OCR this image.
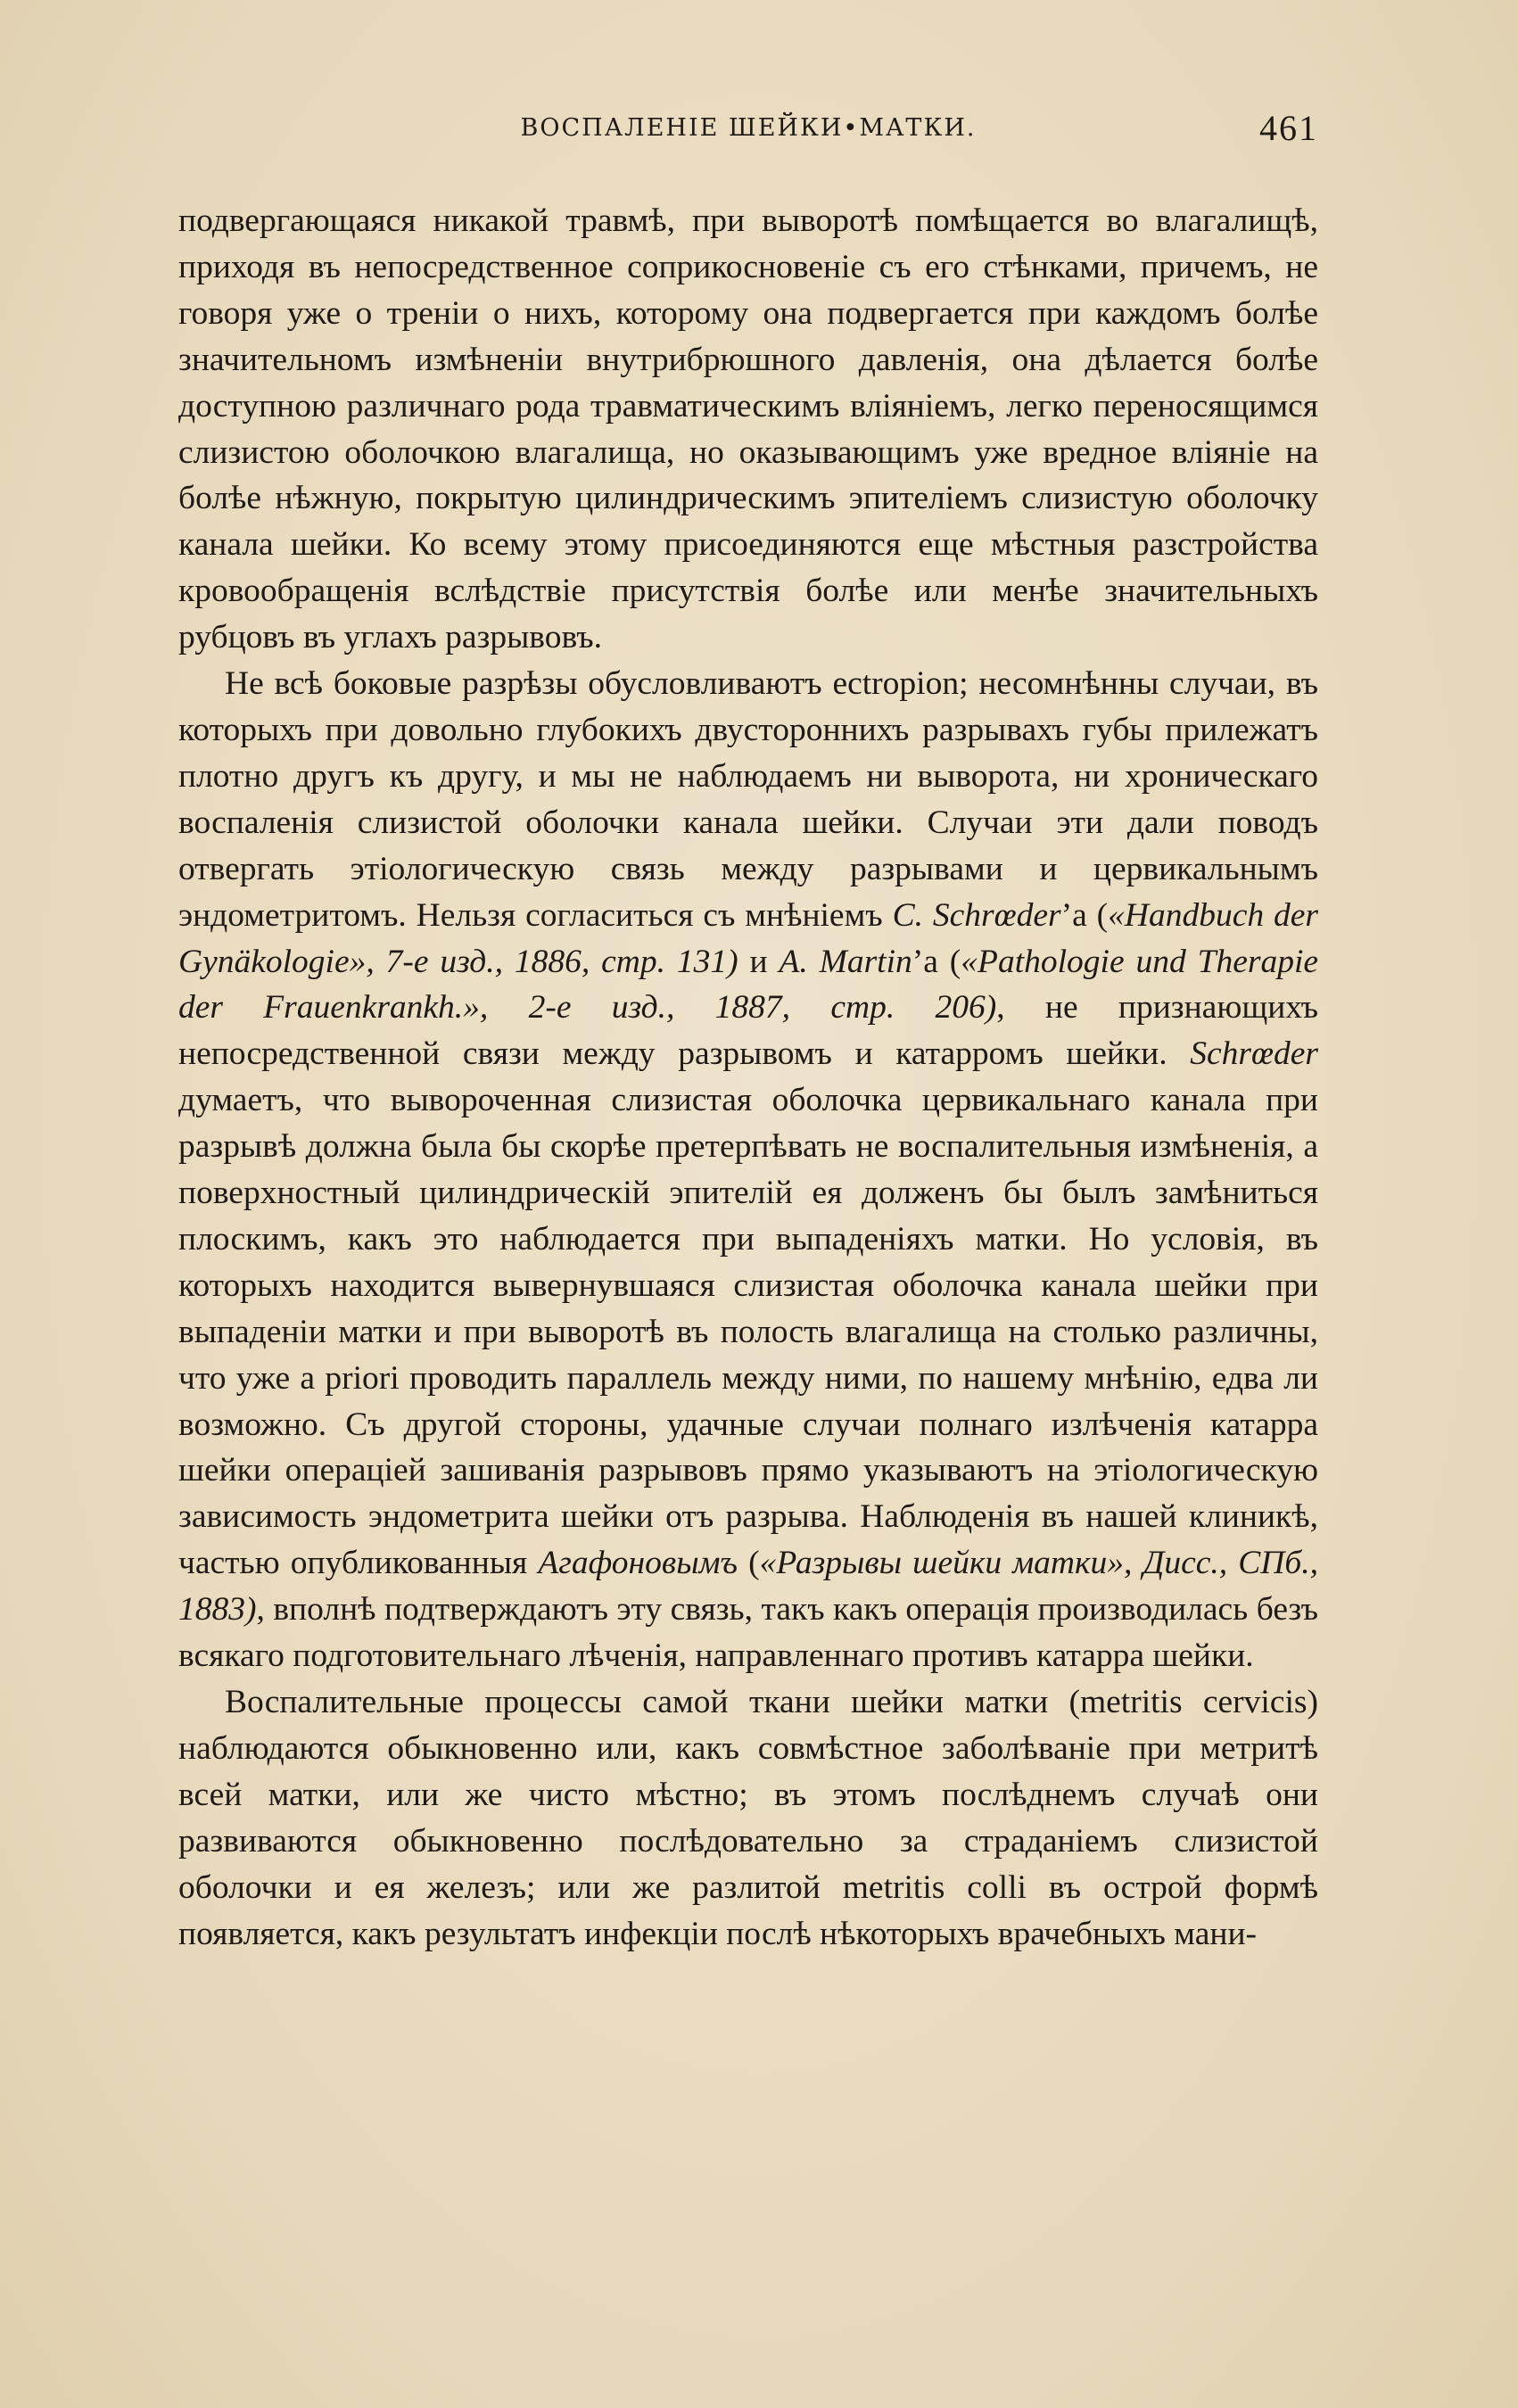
ВОСПАЛЕНІЕ ШЕЙКИ•МАТКИ.	461

подвергающаяся никакой травмѣ, при выворотѣ помѣщается во влагалищѣ, приходя въ непосредственное соприкосновеніе съ его стѣнками, причемъ, не говоря уже о треніи о нихъ, которому она подвергается при каждомъ болѣе значительномъ измѣненіи внутрибрюшного давленія, она дѣлается болѣе доступною различнаго рода травматическимъ вліяніемъ, легко переносящимся слизистою оболочкою влагалища, но оказывающимъ уже вредное вліяніе на болѣе нѣжную, покрытую цилиндрическимъ эпителіемъ слизистую оболочку канала шейки. Ко всему этому присоединяются еще мѣстныя разстройства кровообращенія вслѣдствіе присутствія болѣе или менѣе значительныхъ рубцовъ въ углахъ разрывовъ.

Не всѣ боковые разрѣзы обусловливаютъ ectropion; несомнѣнны случаи, въ которыхъ при довольно глубокихъ двустороннихъ разрывахъ губы прилежатъ плотно другъ къ другу, и мы не наблюдаемъ ни выворота, ни хроническаго воспаленія слизистой оболочки канала шейки. Случаи эти дали поводъ отвергать этіологическую связь между разрывами и цервикальнымъ эндометритомъ. Нельзя согласиться съ мнѣніемъ C. Schrœder’а («Handbuch der Gynäkologie», 7-е изд., 1886, стр. 131) и A. Martin’а («Pathologie und Therapie der Frauenkrankh.», 2-е изд., 1887, стр. 206), не признающихъ непосредственной связи между разрывомъ и катарромъ шейки. Schrœder думаетъ, что вывороченная слизистая оболочка цервикальнаго канала при разрывѣ должна была бы скорѣе претерпѣвать не воспалительныя измѣненія, а поверхностный цилиндрическій эпителій ея долженъ бы былъ замѣниться плоскимъ, какъ это наблюдается при выпаденіяхъ матки. Но условія, въ которыхъ находится вывернувшаяся слизистая оболочка канала шейки при выпаденіи матки и при выворотѣ въ полость влагалища на столько различны, что уже а priori проводить параллель между ними, по нашему мнѣнію, едва ли возможно. Съ другой стороны, удачные случаи полнаго излѣченія катарра шейки операціей зашиванія разрывовъ прямо указываютъ на этіологическую зависимость эндометрита шейки отъ разрыва. Наблюденія въ нашей клиникѣ, частью опубликованныя Агафоновымъ («Разрывы шейки матки», Дисс., СПб., 1883), вполнѣ подтверждаютъ эту связь, такъ какъ операція производилась безъ всякаго подготовительнаго лѣченія, направленнаго противъ катарра шейки.

Воспалительные процессы самой ткани шейки матки (metritis cervicis) наблюдаются обыкновенно или, какъ совмѣстное заболѣваніе при метритѣ всей матки, или же чисто мѣстно; въ этомъ послѣднемъ случаѣ они развиваются обыкновенно послѣдовательно за страданіемъ слизистой оболочки и ея железъ; или же разлитой metritis colli въ острой формѣ появляется, какъ результатъ инфекціи послѣ нѣкоторыхъ врачебныхъ мани-
